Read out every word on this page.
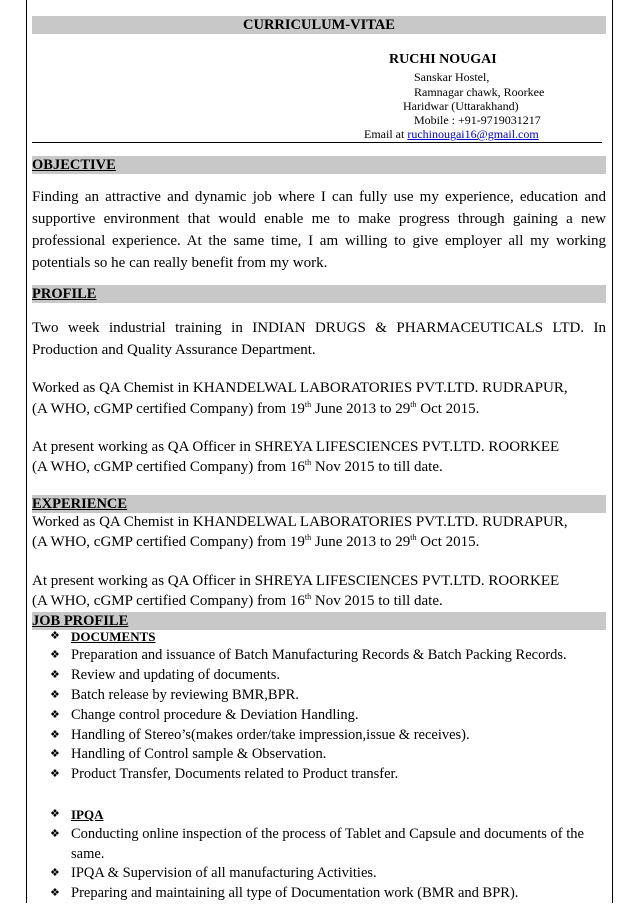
CURRICULUM-VITAE
RUCHI NOUGAI
Sanskar Hostel,
Ramnagar chawk, Roorkee
Haridwar (Uttarakhand)
Mobile : +91-9719031217
Email at ruchinougai16@gmail.com
OBJECTIVE
Finding an attractive and dynamic job where I can fully use my experience, education and supportive environment that would enable me to make progress through gaining a new professional experience. At the same time, I am willing to give employer all my working potentials so he can really benefit from my work.
PROFILE
Two week industrial training in INDIAN DRUGS & PHARMACEUTICALS LTD. In Production and Quality Assurance Department.
Worked as QA Chemist in KHANDELWAL LABORATORIES PVT.LTD. RUDRAPUR,
(A WHO, cGMP certified Company) from 19th June 2013 to 29th Oct 2015.
At present working as QA Officer in SHREYA LIFESCIENCES PVT.LTD. ROORKEE
(A WHO, cGMP certified Company) from 16th Nov 2015 to till date.
EXPERIENCE
Worked as QA Chemist in KHANDELWAL LABORATORIES PVT.LTD. RUDRAPUR,
(A WHO, cGMP certified Company) from 19th June 2013 to 29th Oct 2015.
At present working as QA Officer in SHREYA LIFESCIENCES PVT.LTD. ROORKEE
(A WHO, cGMP certified Company) from 16th Nov 2015 to till date.
JOB PROFILE
❖ DOCUMENTS
❖ Preparation and issuance of Batch Manufacturing Records & Batch Packing Records.
❖ Review and updating of documents.
❖ Batch release by reviewing BMR,BPR.
❖ Change control procedure & Deviation Handling.
❖ Handling of Stereo’s(makes order/take impression,issue & receives).
❖ Handling of Control sample & Observation.
❖ Product Transfer, Documents related to Product transfer.
❖ IPQA
❖ Conducting online inspection of the process of Tablet and Capsule and documents of the same.
❖ IPQA & Supervision of all manufacturing Activities.
❖ Preparing and maintaining all type of Documentation work (BMR and BPR).
